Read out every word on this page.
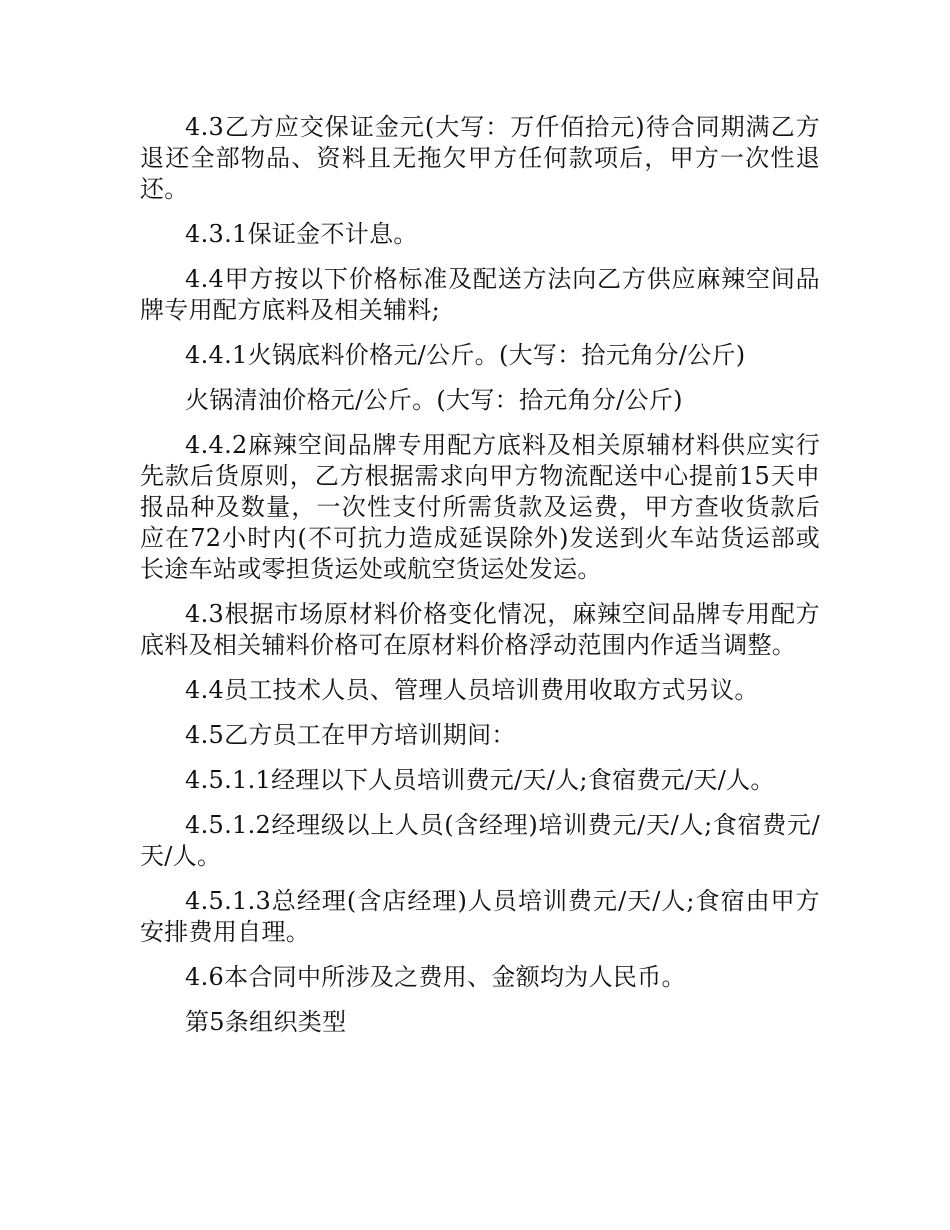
4.3乙方应交保证金元(大写：万仟佰拾元)待合同期满乙方退还全部物品、资料且无拖欠甲方任何款项后，甲方一次性退还。

4.3.1保证金不计息。

4.4甲方按以下价格标准及配送方法向乙方供应麻辣空间品牌专用配方底料及相关辅料;

4.4.1火锅底料价格元/公斤。(大写：拾元角分/公斤)

火锅清油价格元/公斤。(大写：拾元角分/公斤)

4.4.2麻辣空间品牌专用配方底料及相关原辅材料供应实行先款后货原则，乙方根据需求向甲方物流配送中心提前15天申报品种及数量，一次性支付所需货款及运费，甲方查收货款后应在72小时内(不可抗力造成延误除外)发送到火车站货运部或长途车站或零担货运处或航空货运处发运。

4.3根据市场原材料价格变化情况，麻辣空间品牌专用配方底料及相关辅料价格可在原材料价格浮动范围内作适当调整。

4.4员工技术人员、管理人员培训费用收取方式另议。

4.5乙方员工在甲方培训期间：

4.5.1.1经理以下人员培训费元/天/人;食宿费元/天/人。

4.5.1.2经理级以上人员(含经理)培训费元/天/人;食宿费元/天/人。

4.5.1.3总经理(含店经理)人员培训费元/天/人;食宿由甲方安排费用自理。

4.6本合同中所涉及之费用、金额均为人民币。

第5条组织类型
